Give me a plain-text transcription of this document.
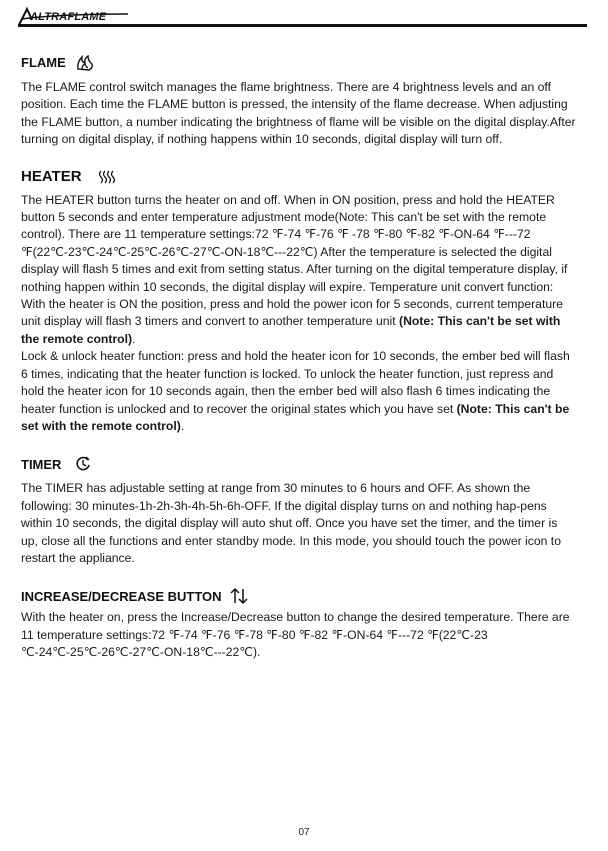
ALTRAFLAME
FLAME

The FLAME control switch manages the flame brightness. There are 4 brightness levels and an off position. Each time the FLAME button is pressed, the intensity of the flame decrease. When adjusting the FLAME button, a number indicating the brightness of flame will be visible on the digital display.After turning on digital display, if nothing happens within 10 seconds, digital display will turn off.

HEATER

The HEATER button turns the heater on and off. When in ON position, press and hold the HEATER button 5 seconds and enter temperature adjustment mode(Note: This can't be set with the remote control). There are 11 temperature settings:72 ℉-74 ℉-76 ℉ -78 ℉-80 ℉-82 ℉-ON-64 ℉---72 ℉(22℃-23℃-24℃-25℃-26℃-27℃-ON-18℃---22℃) After the temperature is selected the digital display will flash 5 times and exit from setting status. After turning on the digital temperature display, if nothing happen within 10 seconds, the digital display will expire. Temperature unit convert function: With the heater is ON the position, press and hold the power icon for 5 seconds, current temperature unit display will flash 3 timers and convert to another temperature unit (Note: This can't be set with the remote control).

Lock & unlock heater function: press and hold the heater icon for 10 seconds, the ember bed will flash 6 times, indicating that the heater function is locked. To unlock the heater function, just repress and hold the heater icon for 10 seconds again, then the ember bed will also flash 6 times indicating the heater function is unlocked and to recover the original states which you have set (Note: This can't be set with the remote control).

TIMER

The TIMER has adjustable setting at range from 30 minutes to 6 hours and OFF. As shown the following: 30 minutes-1h-2h-3h-4h-5h-6h-OFF. If the digital display turns on and nothing hap-pens within 10 seconds, the digital display will auto shut off. Once you have set the timer, and the timer is up, close all the functions and enter standby mode. In this mode, you should touch the power icon to restart the appliance.

INCREASE/DECREASE BUTTON

With the heater on, press the Increase/Decrease button to change the desired temperature. There are 11 temperature settings:72 ℉-74 ℉-76 ℉-78 ℉-80 ℉-82 ℉-ON-64 ℉---72 ℉(22℃-23 ℃-24℃-25℃-26℃-27℃-ON-18℃---22℃).

07
